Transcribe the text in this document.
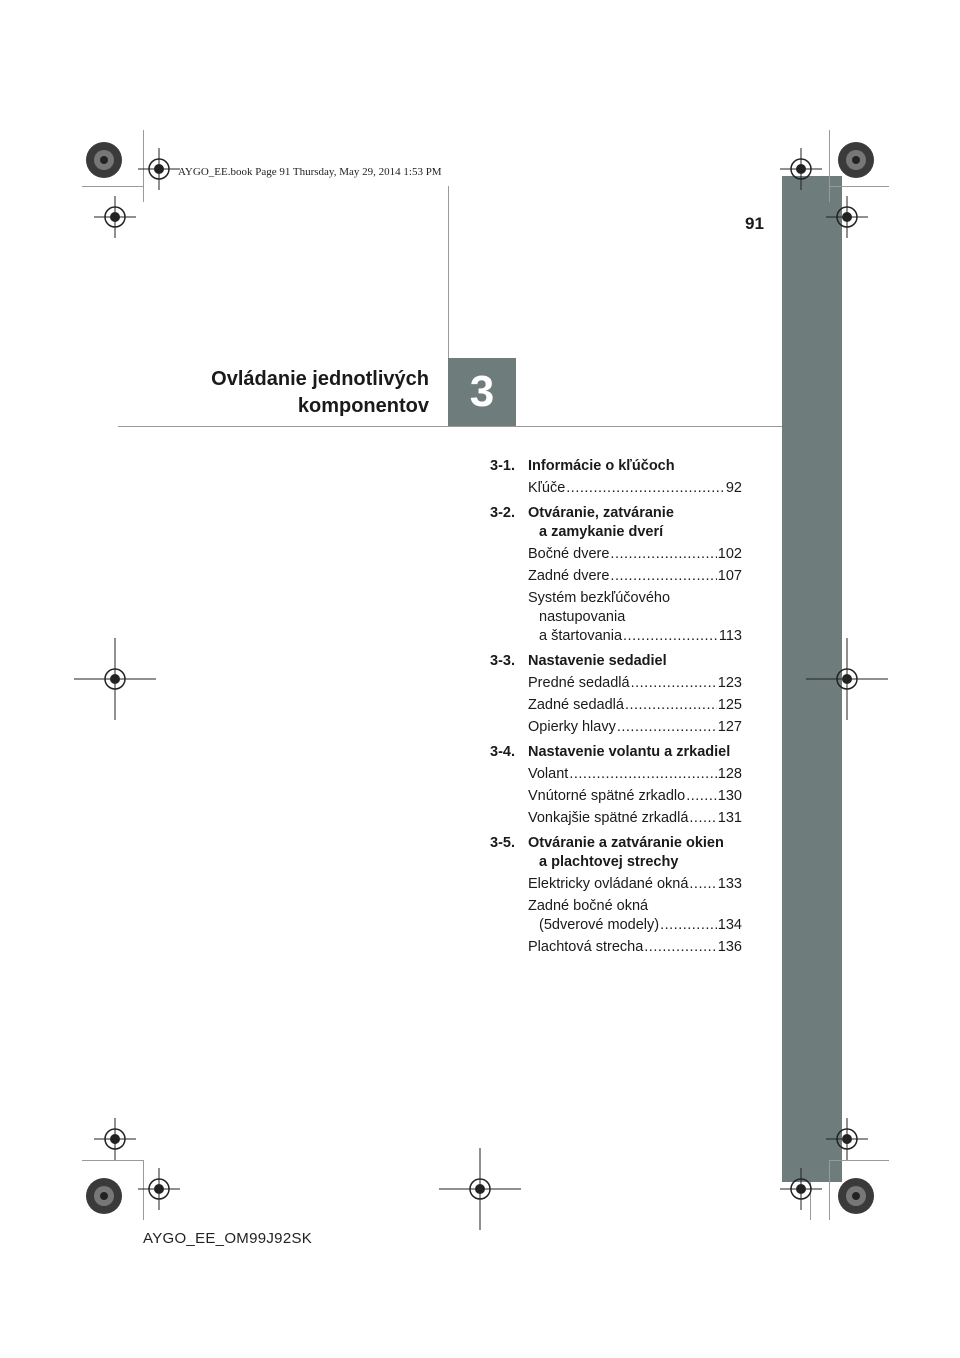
AYGO_EE.book Page 91 Thursday, May 29, 2014 1:53 PM
91
Ovládanie jednotlivých
komponentov 3
3-1. Informácie o kľúčoch
Kľúče .....	92
3-2. Otváranie, zatváranie
a zamykanie dverí
Bočné dvere .....	102
Zadné dvere .....	107
Systém bezkľúčového
nastupovania
a štartovania .....	113
3-3. Nastavenie sedadiel
Predné sedadlá .....	123
Zadné sedadlá .....	125
Opierky hlavy .....	127
3-4. Nastavenie volantu a zrkadiel
Volant .....	128
Vnútorné spätné zrkadlo ..... 130
Vonkajšie spätné zrkadlá ..... 131
3-5. Otváranie a zatváranie okien
a plachtovej strechy
Elektricky ovládané okná ..... 133
Zadné bočné okná
(5dverové modely) .....	134
Plachtová strecha .....	136
AYGO_EE_OM99J92SK
